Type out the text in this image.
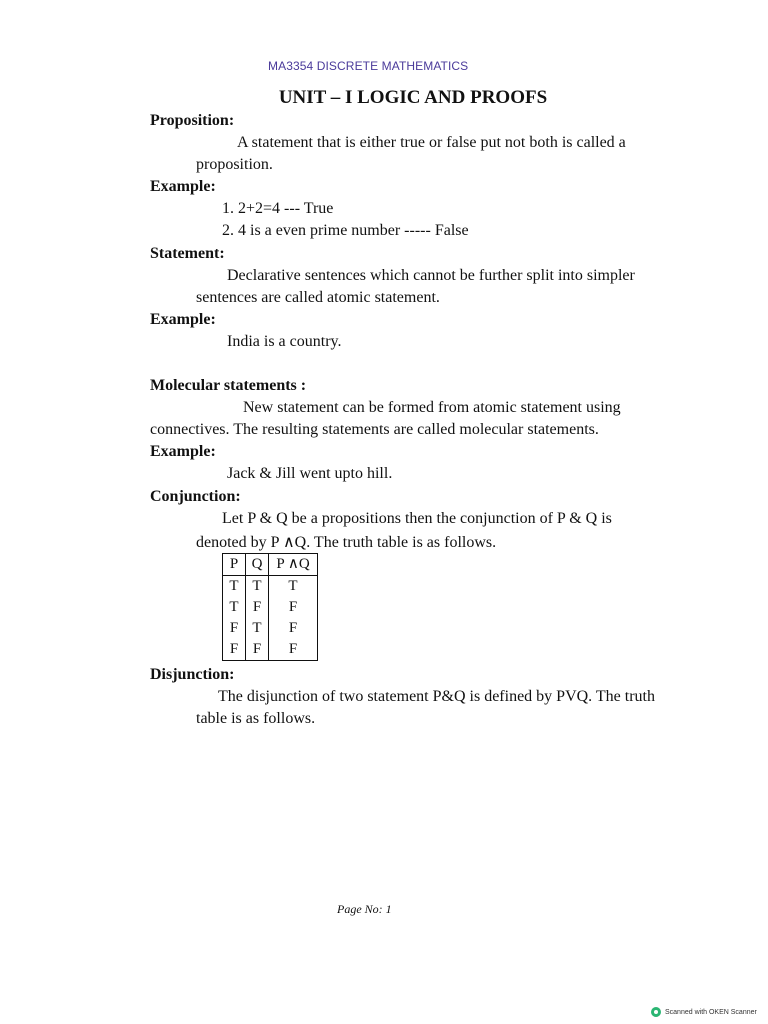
MA3354 DISCRETE MATHEMATICS
UNIT – I LOGIC AND PROOFS
Proposition:
A statement that is either true or false put not both is called a
proposition.
Example:
1. 2+2=4 --- True
2. 4 is a even prime number ----- False
Statement:
Declarative sentences which cannot be further split into simpler
sentences are called atomic statement.
Example:
India is a country.
Molecular statements :
New statement can be formed from atomic statement using
connectives. The resulting statements are called molecular statements.
Example:
Jack & Jill went upto hill.
Conjunction:
Let P & Q be a propositions then the conjunction of P & Q is
denoted by P ∧Q. The truth table is as follows.
P	Q	P ∧Q
T	T	T
T	F	F
F	T	F
F	F	F
Disjunction:
The disjunction of two statement P&Q is defined by PVQ. The truth
table is as follows.
Page No: 1
Scanned with OKEN Scanner
